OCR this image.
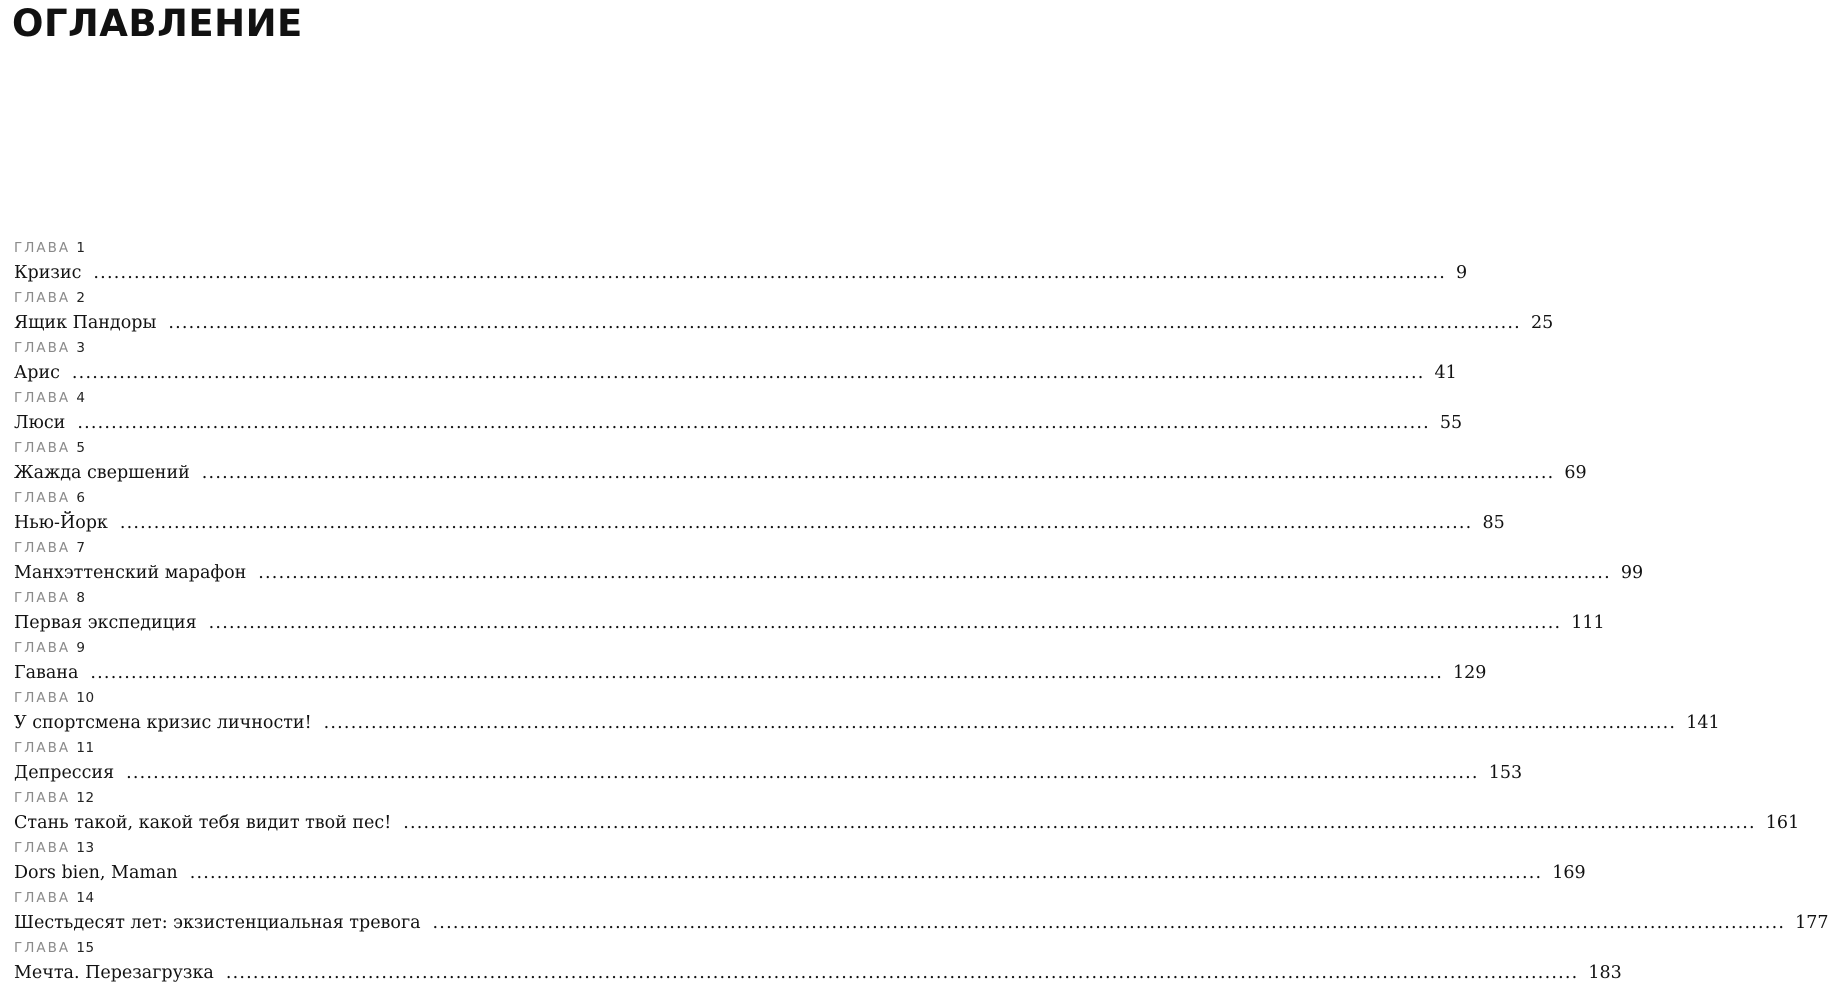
ОГЛАВЛЕНИЕ
ГЛАВА 1
Кризис ........................................................................................................................................................................................................ 9
ГЛАВА 2
Ящик Пандоры ........................................................................................................................................................................................................ 25
ГЛАВА 3
Арис ........................................................................................................................................................................................................ 41
ГЛАВА 4
Люси ........................................................................................................................................................................................................ 55
ГЛАВА 5
Жажда свершений ........................................................................................................................................................................................................ 69
ГЛАВА 6
Нью-Йорк ........................................................................................................................................................................................................ 85
ГЛАВА 7
Манхэттенский марафон ........................................................................................................................................................................................................ 99
ГЛАВА 8
Первая экспедиция ........................................................................................................................................................................................................ 111
ГЛАВА 9
Гавана ........................................................................................................................................................................................................ 129
ГЛАВА 10
У спортсмена кризис личности! ........................................................................................................................................................................................................ 141
ГЛАВА 11
Депрессия ........................................................................................................................................................................................................ 153
ГЛАВА 12
Стань такой, какой тебя видит твой пес! ........................................................................................................................................................................................................ 161
ГЛАВА 13
Dors bien, Maman ........................................................................................................................................................................................................ 169
ГЛАВА 14
Шестьдесят лет: экзистенциальная тревога ........................................................................................................................................................................................................ 177
ГЛАВА 15
Мечта. Перезагрузка ........................................................................................................................................................................................................ 183
